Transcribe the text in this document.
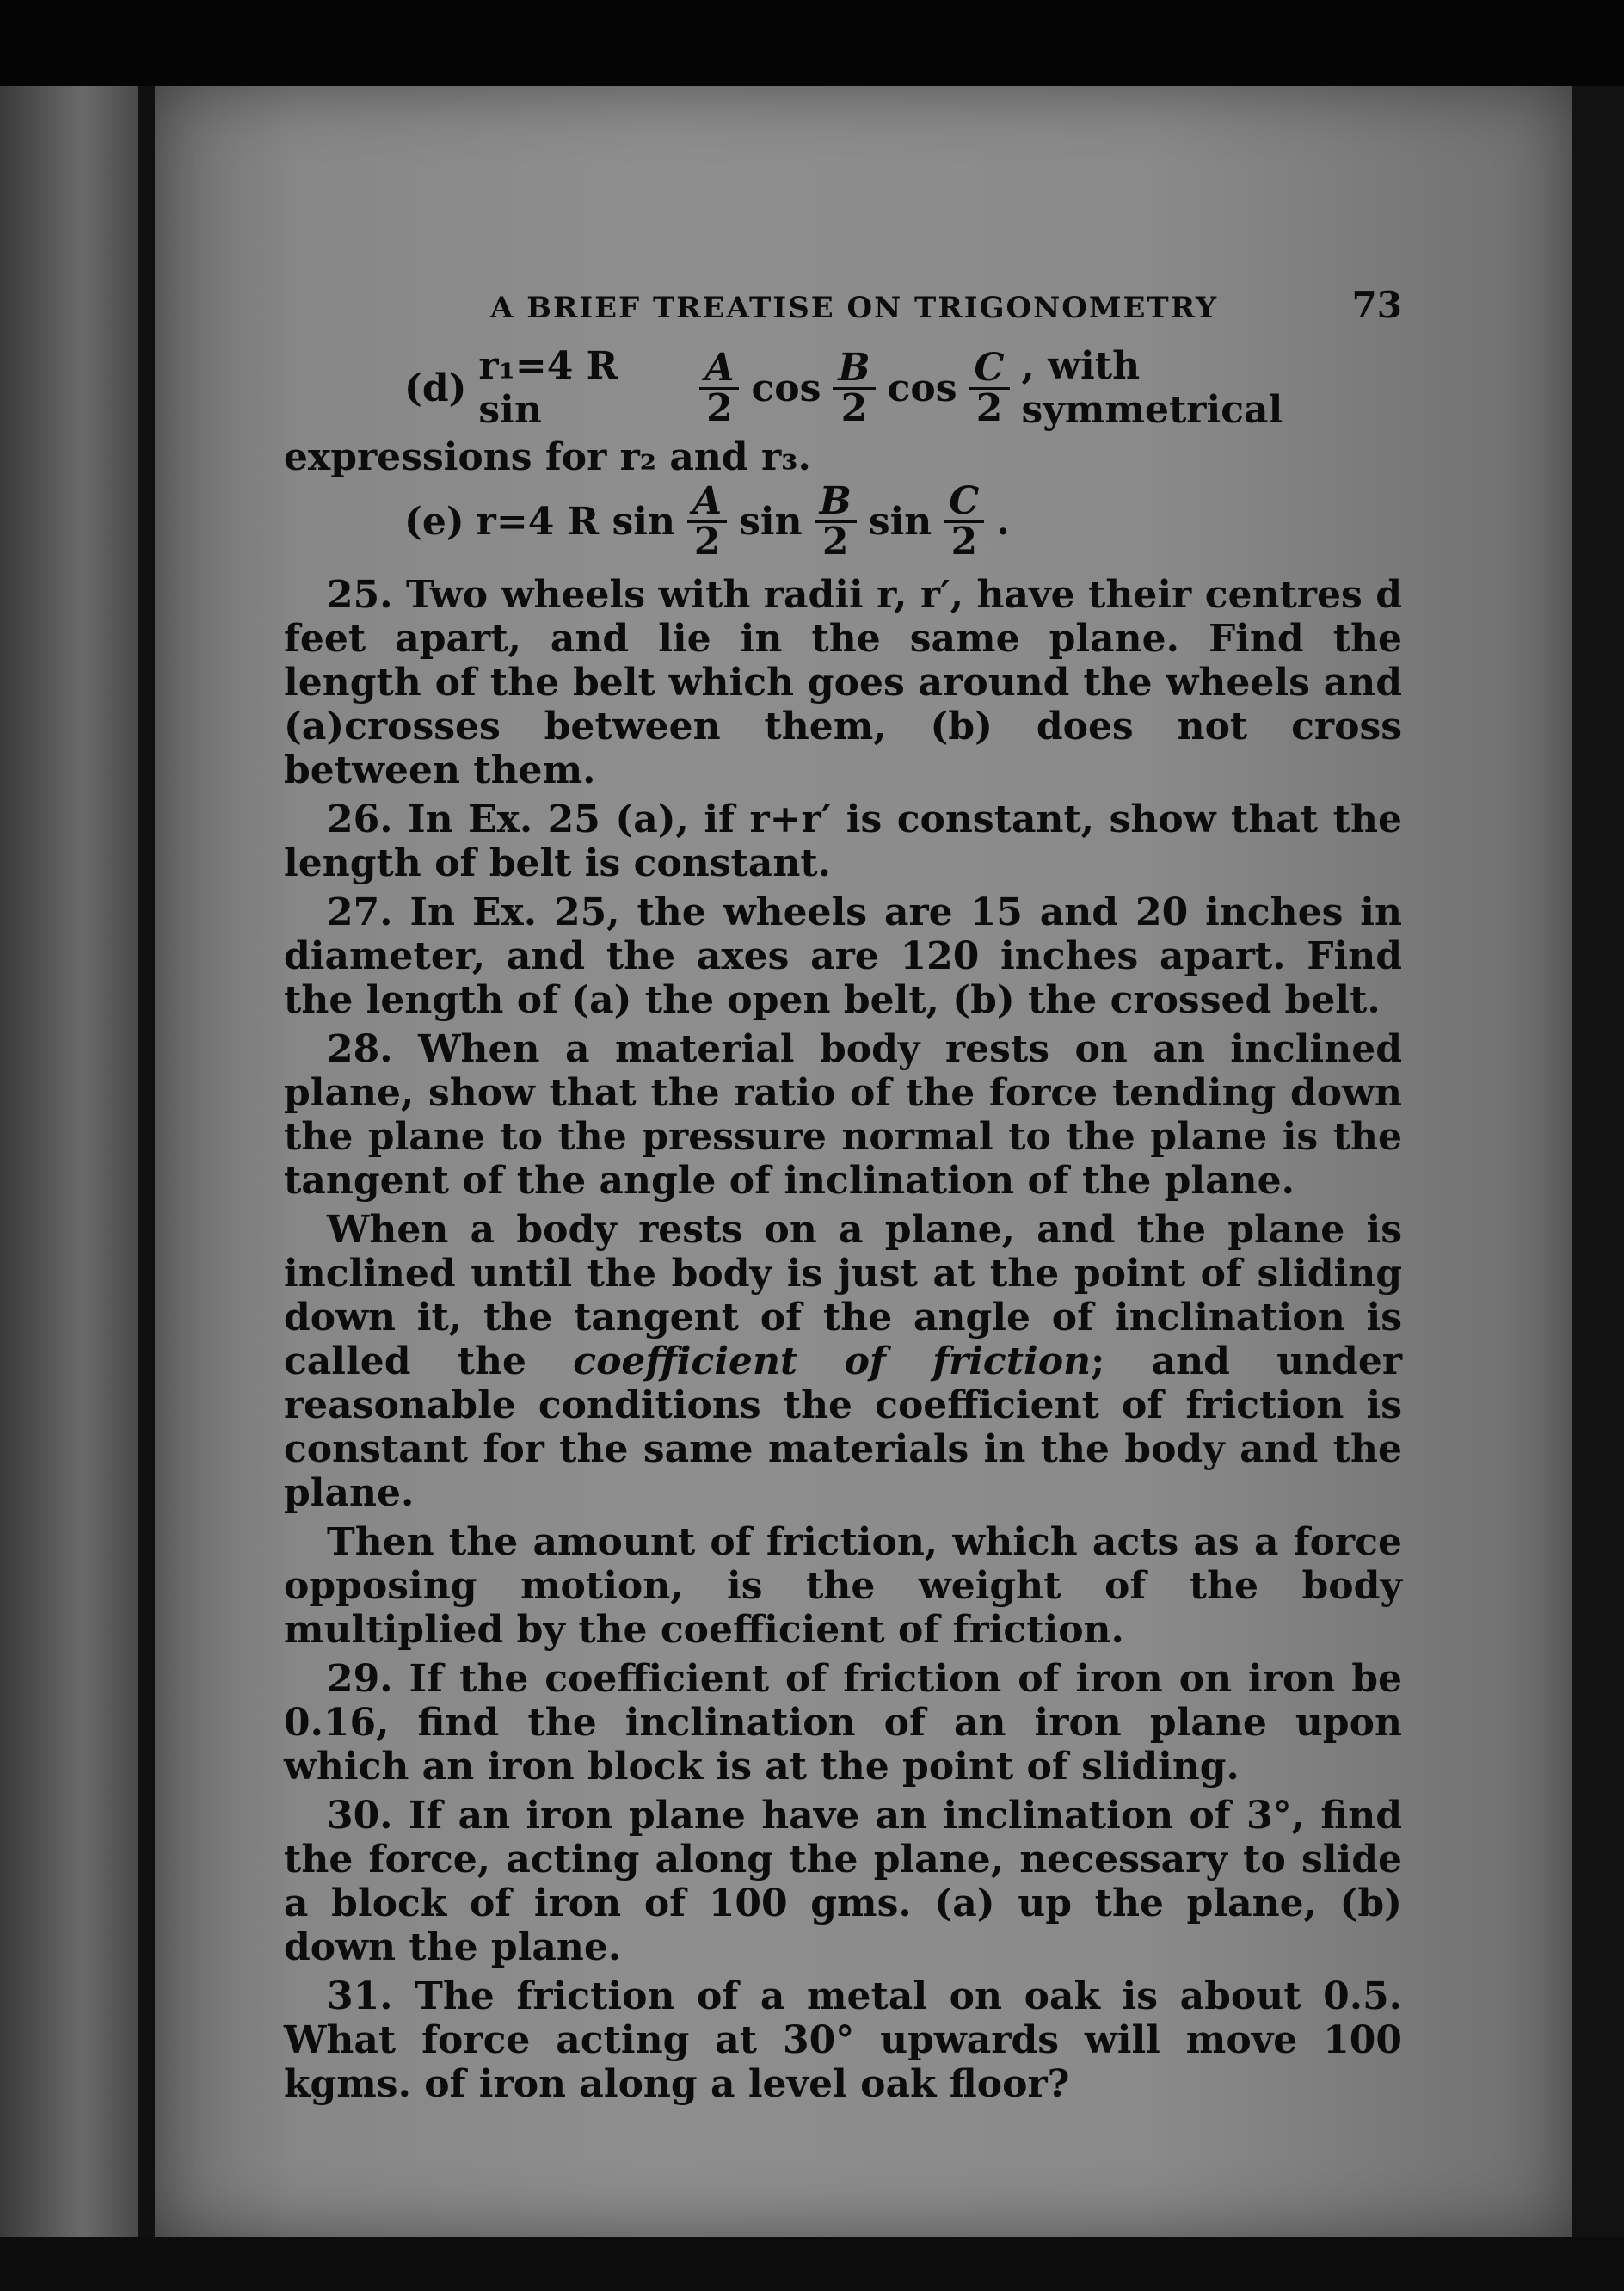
A BRIEF TREATISE ON TRIGONOMETRY	73
(d) r₁=4 R sin	$\frac{A}{2}$ $\cos \frac{B}{2}$ $\cos \frac{C}{2}$ , with symmetrical

expressions for r₂ and r₃.

(e) r=4 R $\sin \frac{A}{2}$ $\sin \frac{B}{2}$ $\sin \frac{C}{2}$ .

25. Two wheels with radii r, r′, have their centres d feet apart, and lie in the same plane. Find the length of the belt which goes around the wheels and (a)crosses between them, (b) does not cross between them.

26. In Ex. 25 (a), if r+r′ is constant, show that the length of belt is constant.

27. In Ex. 25, the wheels are 15 and 20 inches in diameter, and the axes are 120 inches apart. Find the length of (a) the open belt, (b) the crossed belt.

28. When a material body rests on an inclined plane, show that the ratio of the force tending down the plane to the pressure normal to the plane is the tangent of the angle of inclination of the plane.

When a body rests on a plane, and the plane is inclined until the body is just at the point of sliding down it, the tangent of the angle of inclination is called the coefficient of friction; and under reasonable conditions the coefficient of friction is constant for the same materials in the body and the plane.

Then the amount of friction, which acts as a force opposing motion, is the weight of the body multiplied by the coefficient of friction.

29. If the coefficient of friction of iron on iron be 0.16, find the inclination of an iron plane upon which an iron block is at the point of sliding.

30. If an iron plane have an inclination of 3°, find the force, acting along the plane, necessary to slide a block of iron of 100 gms. (a) up the plane, (b) down the plane.

31. The friction of a metal on oak is about 0.5. What force acting at 30° upwards will move 100 kgms. of iron along a level oak floor?
